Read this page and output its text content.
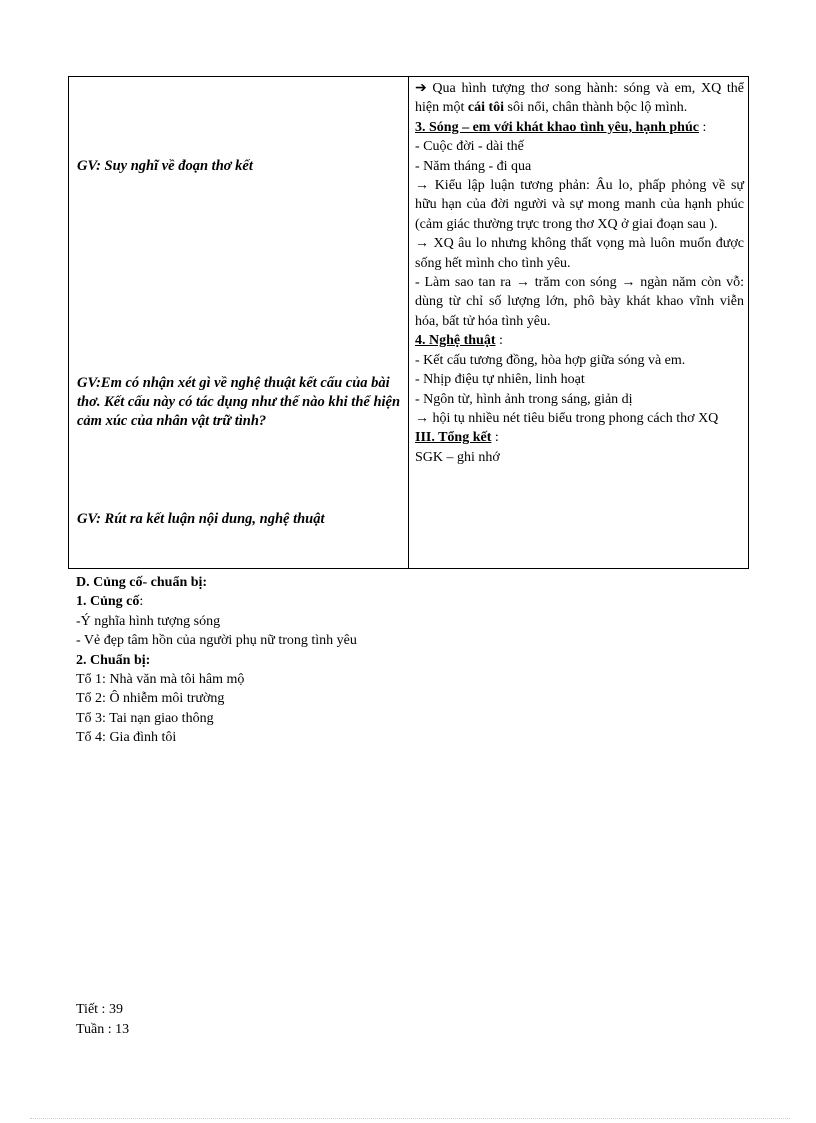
GV: Suy nghĩ về đoạn thơ kết
GV:Em có nhận xét gì về nghệ thuật kết cấu của bài thơ. Kết cấu này có tác dụng như thế nào khi thể hiện cảm xúc của nhân vật trữ tình?
GV: Rút ra kết luận nội dung, nghệ thuật

➔ Qua hình tượng thơ song hành: sóng và em, XQ thể hiện một cái tôi sôi nổi, chân thành bộc lộ mình.

3. Sóng – em với khát khao tình yêu, hạnh phúc :

- Cuộc đời - dài thế

- Năm tháng - đi qua

→ Kiểu lập luận tương phản: Âu lo, phấp phỏng về sự hữu hạn của đời người và sự mong manh của hạnh phúc (cảm giác thường trực trong thơ XQ ở giai đoạn sau ).

→ XQ âu lo nhưng không thất vọng mà luôn muốn được sống hết mình cho tình yêu.

- Làm sao tan ra → trăm con sóng → ngàn năm còn vỗ: dùng từ chỉ số lượng lớn, phô bày khát khao vĩnh viễn hóa, bất tử hóa tình yêu.

4. Nghệ thuật :

- Kết cấu tương đồng, hòa hợp giữa sóng và em.

- Nhịp điệu tự nhiên, linh hoạt

- Ngôn từ, hình ảnh trong sáng, giản dị

→ hội tụ nhiều nét tiêu biểu trong phong cách thơ XQ

III. Tổng kết :

SGK – ghi nhớ

D. Củng cố- chuẩn bị:

1. Củng cố:

-Ý nghĩa hình tượng sóng

- Vẻ đẹp tâm hồn của người phụ nữ trong tình yêu

2. Chuẩn bị:

Tổ 1: Nhà văn mà tôi hâm mộ

Tổ 2: Ô nhiễm môi trường

Tổ 3: Tai nạn giao thông

Tổ 4: Gia đình tôi

Tiết : 39

Tuần : 13
